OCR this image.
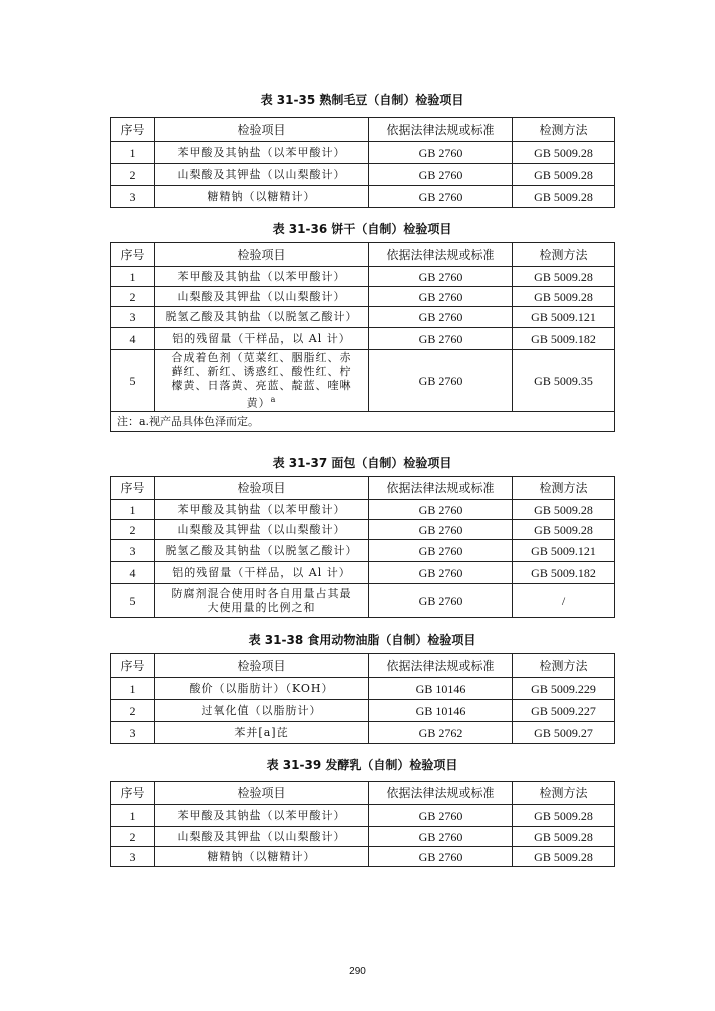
表 31-35 熟制毛豆（自制）检验项目
序号	检验项目	依据法律法规或标准	检测方法
1	苯甲酸及其钠盐（以苯甲酸计）	GB 2760	GB 5009.28
2	山梨酸及其钾盐（以山梨酸计）	GB 2760	GB 5009.28
3	糖精钠（以糖精计）	GB 2760	GB 5009.28
表 31-36 饼干（自制）检验项目
序号	检验项目	依据法律法规或标准	检测方法
1	苯甲酸及其钠盐（以苯甲酸计）	GB 2760	GB 5009.28
2	山梨酸及其钾盐（以山梨酸计）	GB 2760	GB 5009.28
3	脱氢乙酸及其钠盐（以脱氢乙酸计）	GB 2760	GB 5009.121
4	铝的残留量（干样品，以 Al 计）	GB 2760	GB 5009.182
5	合成着色剂（苋菜红、胭脂红、赤藓红、新红、诱惑红、酸性红、柠檬黄、日落黄、亮蓝、靛蓝、喹啉黄）$^a$	GB 2760	GB 5009.35
注：a.视产品具体色泽而定。			
表 31-37 面包（自制）检验项目
序号	检验项目	依据法律法规或标准	检测方法
1	苯甲酸及其钠盐（以苯甲酸计）	GB 2760	GB 5009.28
2	山梨酸及其钾盐（以山梨酸计）	GB 2760	GB 5009.28
3	脱氢乙酸及其钠盐（以脱氢乙酸计）	GB 2760	GB 5009.121
4	铝的残留量（干样品，以 Al 计）	GB 2760	GB 5009.182
5	防腐剂混合使用时各自用量占其最大使用量的比例之和	GB 2760	/
表 31-38 食用动物油脂（自制）检验项目
序号	检验项目	依据法律法规或标准	检测方法
1	酸价（以脂肪计）（KOH）	GB 10146	GB 5009.229
2	过氧化值（以脂肪计）	GB 10146	GB 5009.227
3	苯并[a]芘	GB 2762	GB 5009.27
表 31-39 发酵乳（自制）检验项目
序号	检验项目	依据法律法规或标准	检测方法
1	苯甲酸及其钠盐（以苯甲酸计）	GB 2760	GB 5009.28
2	山梨酸及其钾盐（以山梨酸计）	GB 2760	GB 5009.28
3	糖精钠（以糖精计）	GB 2760	GB 5009.28
290
